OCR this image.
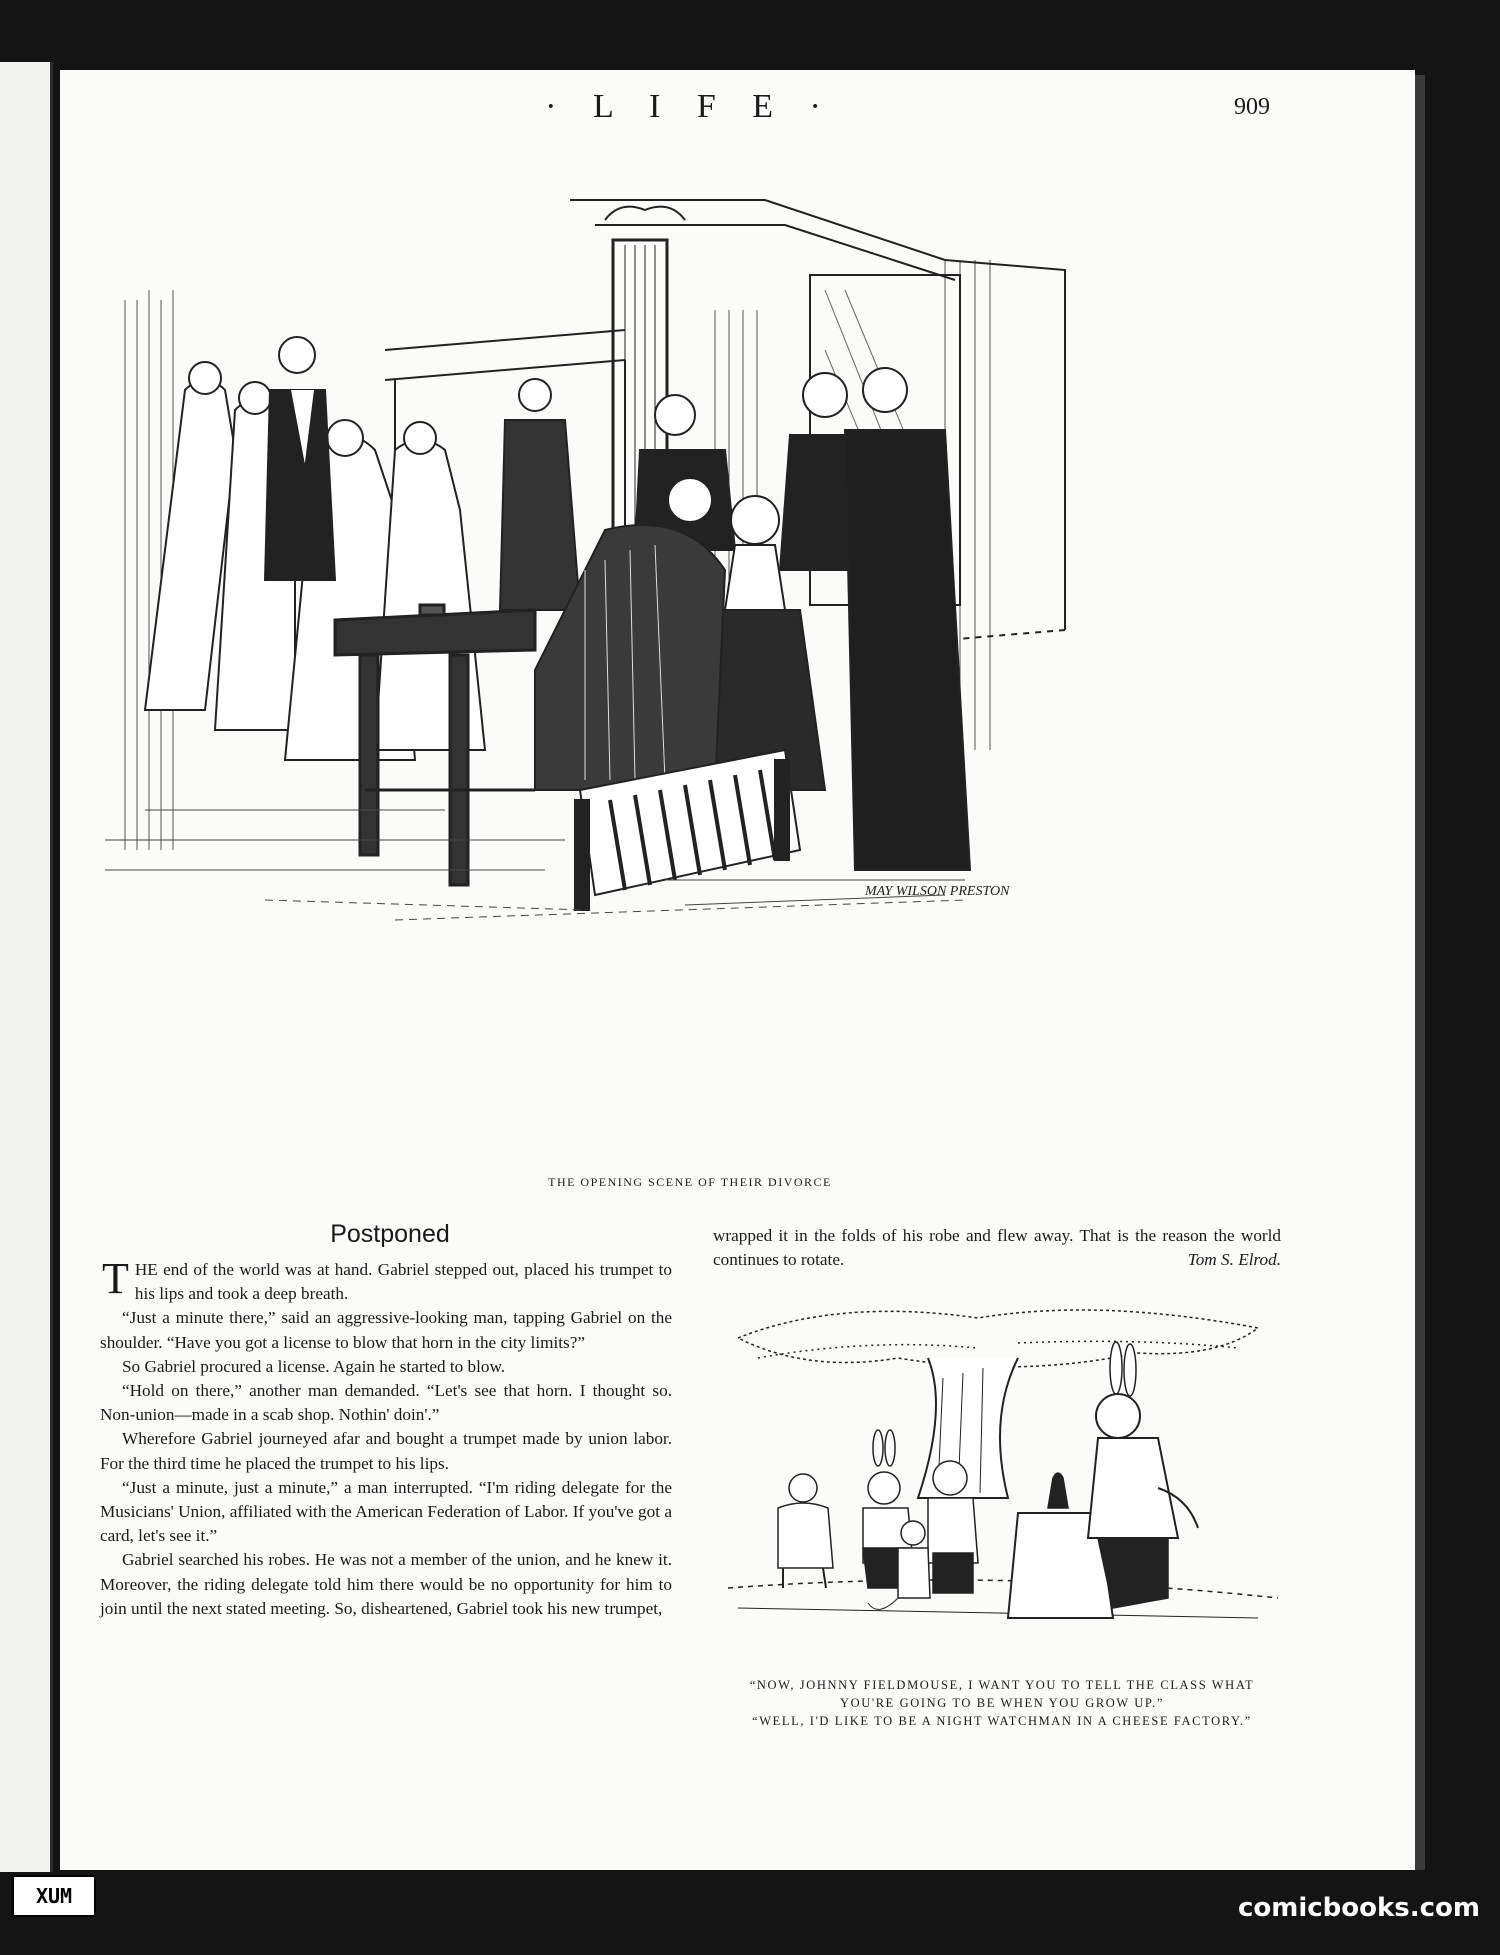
· L I F E ·	909
MAY WILSON PRESTON
THE OPENING SCENE OF THEIR DIVORCE
Postponed

THE end of the world was at hand. Gabriel stepped out, placed his trumpet to his lips and took a deep breath.

“Just a minute there,” said an aggressive-looking man, tapping Gabriel on the shoulder. “Have you got a license to blow that horn in the city limits?”

So Gabriel procured a license. Again he started to blow.

“Hold on there,” another man demanded. “Let's see that horn. I thought so. Non-union—made in a scab shop. Nothin' doin'.”

Wherefore Gabriel journeyed afar and bought a trumpet made by union labor. For the third time he placed the trumpet to his lips.

“Just a minute, just a minute,” a man interrupted. “I'm riding delegate for the Musicians' Union, affiliated with the American Federation of Labor. If you've got a card, let's see it.”

Gabriel searched his robes. He was not a member of the union, and he knew it. Moreover, the riding delegate told him there would be no opportunity for him to join until the next stated meeting. So, disheartened, Gabriel took his new trumpet,

wrapped it in the folds of his robe and flew away. That is the reason the world continues to rotate.	Tom S. Elrod.

“NOW, JOHNNY FIELDMOUSE, I WANT YOU TO TELL THE CLASS WHAT YOU'RE GOING TO BE WHEN YOU GROW UP.”

“WELL, I'D LIKE TO BE A NIGHT WATCHMAN IN A CHEESE FACTORY.”

XUM	comicbooks.com
